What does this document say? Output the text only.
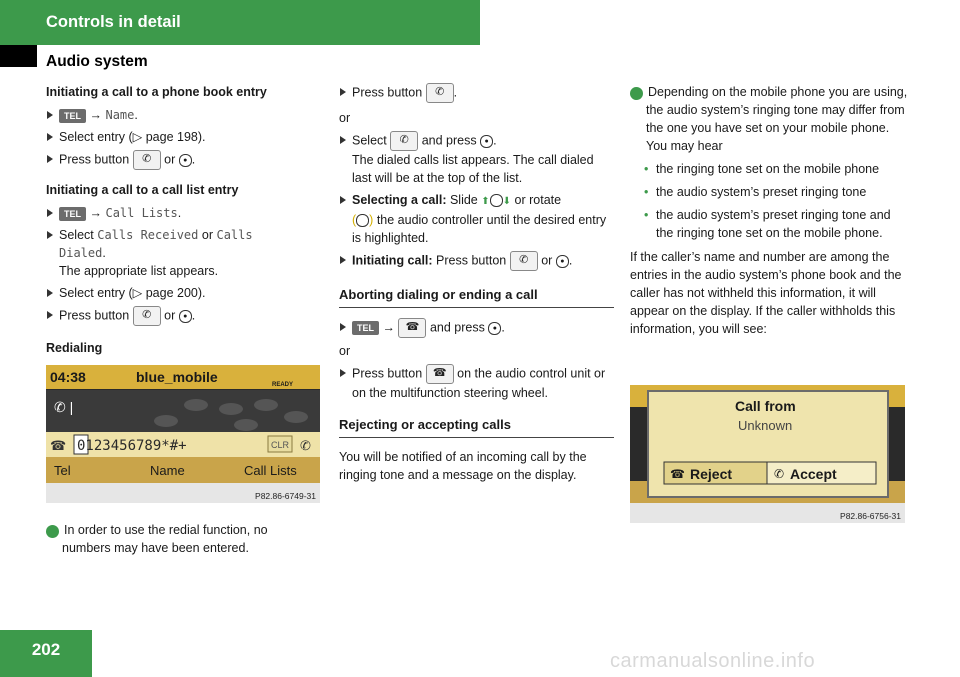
Controls in detail
Audio system

Initiating a call to a phone book entry

TEL → Name.

Select entry (▷ page 198).

Press button ✆ or ● .

Initiating a call to a call list entry

TEL → Call Lists.

Select Calls Received or Calls Dialed.
The appropriate list appears.

Select entry (▷ page 200).

Press button ✆ or ● .

Redialing

04:38	blue_mobile	READY
✆ |
☎ 0123456789*#+	CLR ✆
Tel	Name	Call Lists
P82.86-6749-31

i In order to use the redial function, no numbers may have been entered.

Press button ✆ .

or

Select ✆ and press ● .
The dialed calls list appears. The call dialed last will be at the top of the list.

Selecting a call: Slide ⬆ ⬇ or rotate
( ) the audio controller until the desired entry is highlighted.

Initiating call: Press button ✆ or ● .

Aborting dialing or ending a call

TEL → ☎ and press ● .

or

Press button ☎ on the audio control unit or on the multifunction steering wheel.

Rejecting or accepting calls

You will be notified of an incoming call by the ringing tone and a message on the display.

i Depending on the mobile phone you are using, the audio system’s ringing tone may differ from the one you have set on your mobile phone. You may hear

• the ringing tone set on the mobile phone

• the audio system’s preset ringing tone

• the audio system’s preset ringing tone and the ringing tone set on the mobile phone.

If the caller’s name and number are among the entries in the audio system’s phone book and the caller has not withheld this information, it will appear on the display. If the caller withholds this information, you will see:

Call from
Unknown
☎ Reject	✆ Accept
P82.86-6756-31
202
carmanualsonline.info
